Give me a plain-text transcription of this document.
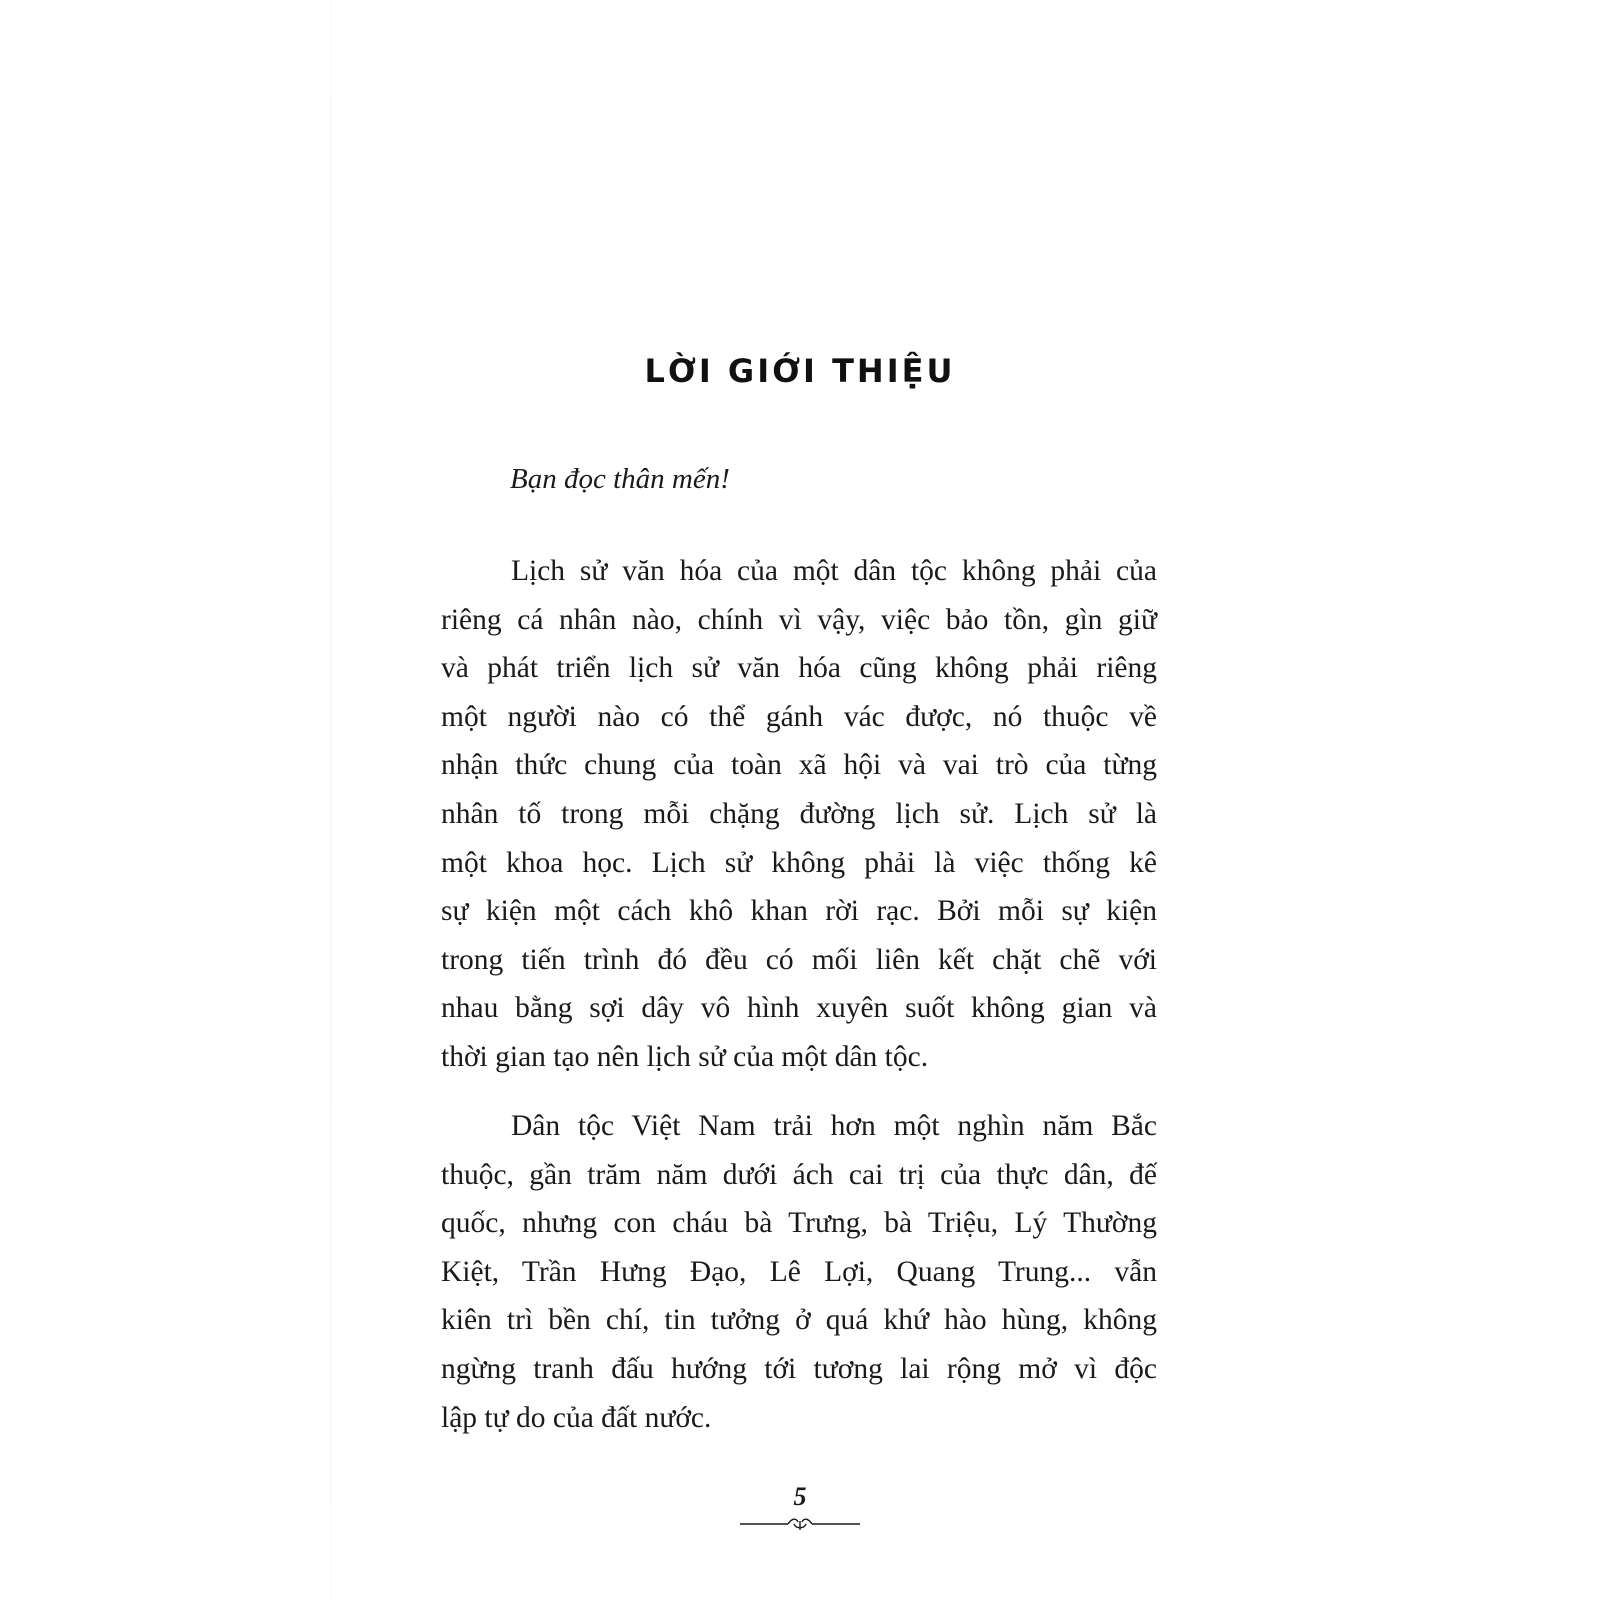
LỜI GIỚI THIỆU
Bạn đọc thân mến!
Lịch sử văn hóa của một dân tộc không phải của
riêng cá nhân nào, chính vì vậy, việc bảo tồn, gìn giữ
và phát triển lịch sử văn hóa cũng không phải riêng
một người nào có thể gánh vác được, nó thuộc về
nhận thức chung của toàn xã hội và vai trò của từng
nhân tố trong mỗi chặng đường lịch sử. Lịch sử là
một khoa học. Lịch sử không phải là việc thống kê
sự kiện một cách khô khan rời rạc. Bởi mỗi sự kiện
trong tiến trình đó đều có mối liên kết chặt chẽ với
nhau bằng sợi dây vô hình xuyên suốt không gian và
thời gian tạo nên lịch sử của một dân tộc.
Dân tộc Việt Nam trải hơn một nghìn năm Bắc
thuộc, gần trăm năm dưới ách cai trị của thực dân, đế
quốc, nhưng con cháu bà Trưng, bà Triệu, Lý Thường
Kiệt, Trần Hưng Đạo, Lê Lợi, Quang Trung... vẫn
kiên trì bền chí, tin tưởng ở quá khứ hào hùng, không
ngừng tranh đấu hướng tới tương lai rộng mở vì độc
lập tự do của đất nước.
5
